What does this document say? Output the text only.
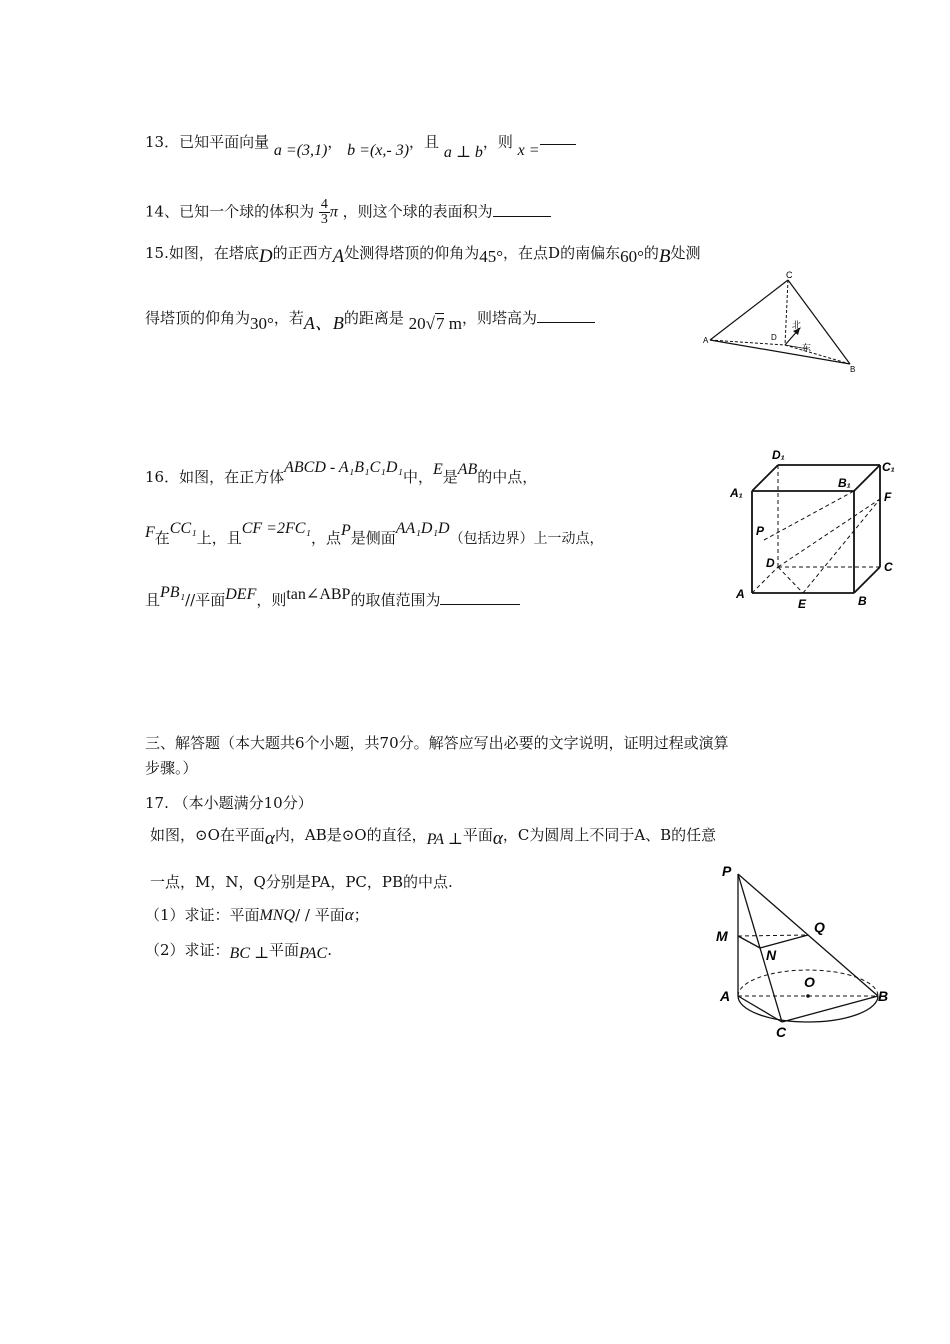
13．已知平面向量 a =(3,1)， b =(x,- 3)，且 a ⊥ b，则 x =
14、已知一个球的体积为 $\frac{4}{3}$ π ，则这个球的表面积为
15.如图，在塔底D的正西方A处测得塔顶的仰角为45°，在点D的南偏东60°的B处测
得塔顶的仰角为30°，若A、B的距离是 20√7 m，则塔高为
C
A	D
B
北
东
16．如图，在正方体ABCD - A₁B₁C₁D₁中，E是AB的中点，
F在CC₁上，且CF =2FC₁，点P是侧面AA₁D₁D（包括边界）上一动点，
且PB₁//平面DEF，则tan∠ABP的取值范围为
D₁
C₁
A₁
B₁
F
P
D	C
A
E	B
三、解答题（本大题共6个小题，共70分。解答应写出必要的文字说明，证明过程或演算
步骤。）
17. （本小题满分10分）
如图，⊙O在平面α内，AB是⊙O的直径，PA ⊥平面α，C为圆周上不同于A、B的任意
一点，M，N，Q分别是PA，PC，PB的中点.
（1）求证：平面MNQ/ / 平面α；
（2）求证：BC ⊥平面PAC.
P
M
Q
N
O
A	B
C
